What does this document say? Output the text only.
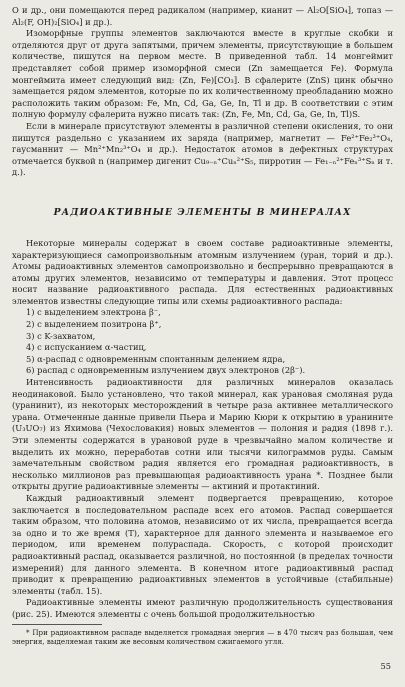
О и др., они помещаются перед радикалом (например, кианит — Al₂O[SiO₄], топаз — Al₂(F, OH)₂[SiO₄] и др.).

Изоморфные группы элементов заключаются вместе в круглые скобки и отделяются друг от друга запятыми, причем элементы, присутствующие в большем количестве, пишутся на первом месте. В приведенной табл. 14 монгеймит представляет собой пример изоморфной смеси (Zn замещается Fe). Формула монгеймита имеет следующий вид: (Zn, Fe)[CO₃]. В сфалерите (ZnS) цинк обычно замещается рядом элементов, которые по их количественному преобладанию можно расположить таким образом: Fe, Mn, Cd, Ga, Ge, In, Tl и др. В соответствии с этим полную формулу сфалерита нужно писать так: (Zn, Fe, Mn, Cd, Ga, Ge, In, Tl)S.

Если в минерале присутствуют элементы в различной степени окисления, то они пишутся раздельно с указанием их заряда (например, магнетит — Fe²⁺Fe₂³⁺O₄, гаусманнит — Mn²⁺Mn₂³⁺O₄ и др.). Недостаток атомов в дефектных структурах отмечается буквой n (например дигенит Cu₉₋ₙ⁺Cuₙ²⁺S₅, пирротин — Fe₁₋ₙ²⁺Feₙ³⁺Sₙ и т. д.).

РАДИОАКТИВНЫЕ ЭЛЕМЕНТЫ В МИНЕРАЛАХ

Некоторые минералы содержат в своем составе радиоактивные элементы, характеризующиеся самопроизвольным атомным излучением (уран, торий и др.). Атомы радиоактивных элементов самопроизвольно и беспрерывно превращаются в атомы других элементов, независимо от температуры и давления. Этот процесс носит название радиоактивного распада. Для естественных радиоактивных элементов известны следующие типы или схемы радиоактивного распада:

1) с выделением электрона β⁻,
2) с выделением позитрона β⁺,
3) с K-захватом,
4) с испусканием α-частиц,
5) α-распад с одновременным спонтанным делением ядра,
6) распад с одновременным излучением двух электронов (2β⁻).

Интенсивность радиоактивности для различных минералов оказалась неодинаковой. Было установлено, что такой минерал, как урановая смоляная руда (уранинит), из некоторых месторождений в четыре раза активнее металлического урана. Отмеченные данные привели Пьера и Марию Кюри к открытию в уранините (U₃UO₇) из Яхимова (Чехословакия) новых элементов — полония и радия (1898 г.). Эти элементы содержатся в урановой руде в чрезвычайно малом количестве и выделить их можно, переработав сотни или тысячи килограммов руды. Самым замечательным свойством радия является его громадная радиоактивность, в несколько миллионов раз превышающая радиоактивность урана *. Позднее были открыты другие радиоактивные элементы — актиний и протактиний.

Каждый радиоактивный элемент подвергается превращению, которое заключается в последовательном распаде всех его атомов. Распад совершается таким образом, что половина атомов, независимо от их числа, превращается всегда за одно и то же время (T), характерное для данного элемента и называемое его периодом, или временем полураспада. Скорость, с которой происходит радиоактивный распад, оказывается различной, но постоянной (в пределах точности измерений) для данного элемента. В конечном итоге радиоактивный распад приводит к превращению радиоактивных элементов в устойчивые (стабильные) элементы (табл. 15).

Радиоактивные элементы имеют различную продолжительность существования (рис. 25). Имеются элементы с очень большой продолжительностью

* При радиоактивном распаде выделяется громадная энергия — в 470 тысяч раз большая, чем энергия, выделяемая таким же весовым количеством сжигаемого угля.

55
